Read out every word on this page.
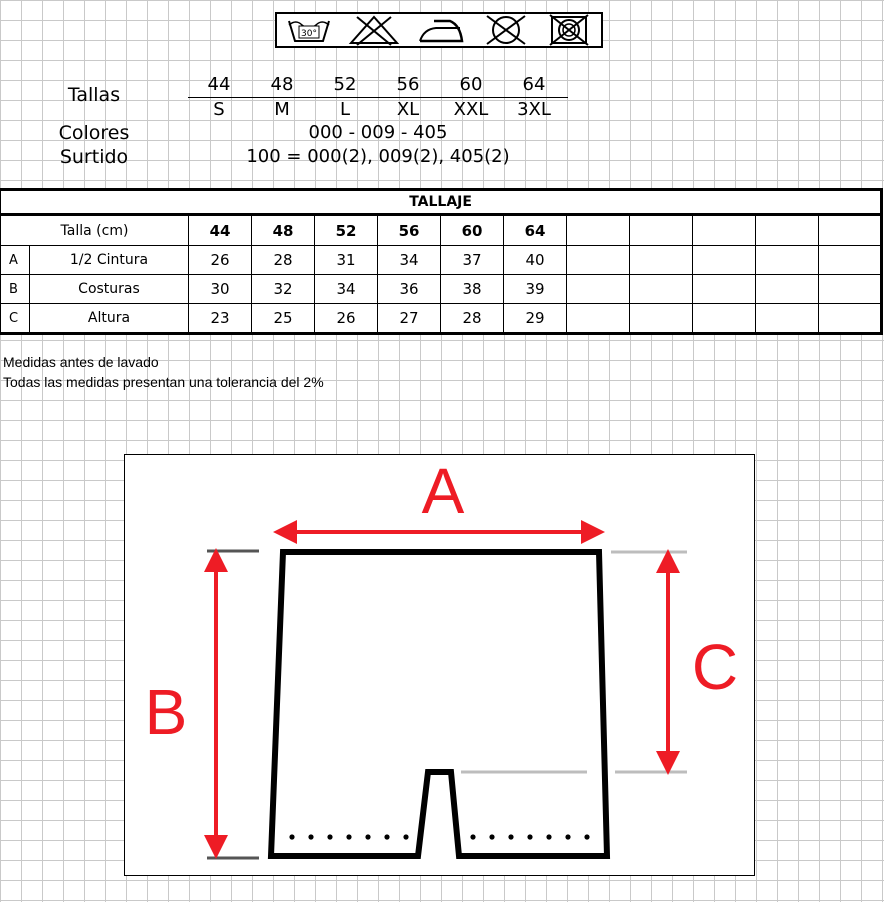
30°
Tallas	44	48	52	56	60	64
S	M	L	XL	XXL	3XL
Colores	000 - 009 - 405
Surtido	100 = 000(2), 009(2), 405(2)
TALLAJE												
Talla (cm)		44	48	52	56	60	64					
A	1/2 Cintura	26	28	31	34	37	40					
B	Costuras	30	32	34	36	38	39					
C	Altura	23	25	26	27	28	29					
Medidas antes de lavado
Todas las medidas presentan una tolerancia del 2%
A
B
C
